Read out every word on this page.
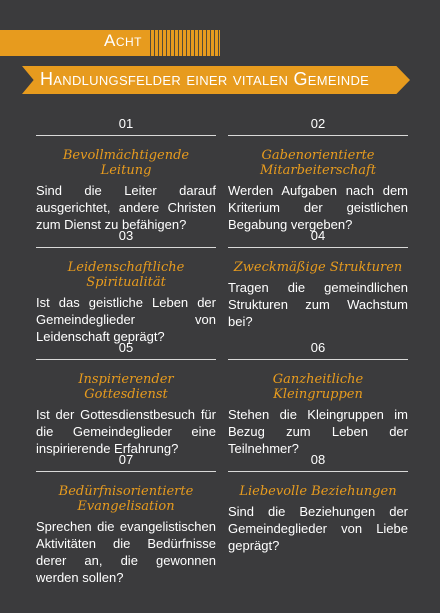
Acht
Handlungsfelder einer vitalen Gemeinde
01
Bevollmächtigende Leitung
Sind die Leiter darauf ausgerichtet, andere Christen zum Dienst zu befähigen?
02
Gabenorientierte Mitarbeiterschaft
Werden Aufgaben nach dem Kriterium der geistlichen Begabung vergeben?
03
Leidenschaftliche Spiritualität
Ist das geistliche Leben der Gemeindeglieder von Leidenschaft geprägt?
04
Zweckmäßige Strukturen
Tragen die gemeindlichen Strukturen zum Wachstum bei?
05
Inspirierender Gottesdienst
Ist der Gottesdienstbesuch für die Gemeindeglieder eine inspirierende Erfahrung?
06
Ganzheitliche Kleingruppen
Stehen die Kleingruppen im Bezug zum Leben der Teilnehmer?
07
Bedürfnisorientierte Evangelisation
Sprechen die evangelistischen Aktivitäten die Bedürfnisse derer an, die gewonnen werden sollen?
08
Liebevolle Beziehungen
Sind die Beziehungen der Gemeindeglieder von Liebe geprägt?
